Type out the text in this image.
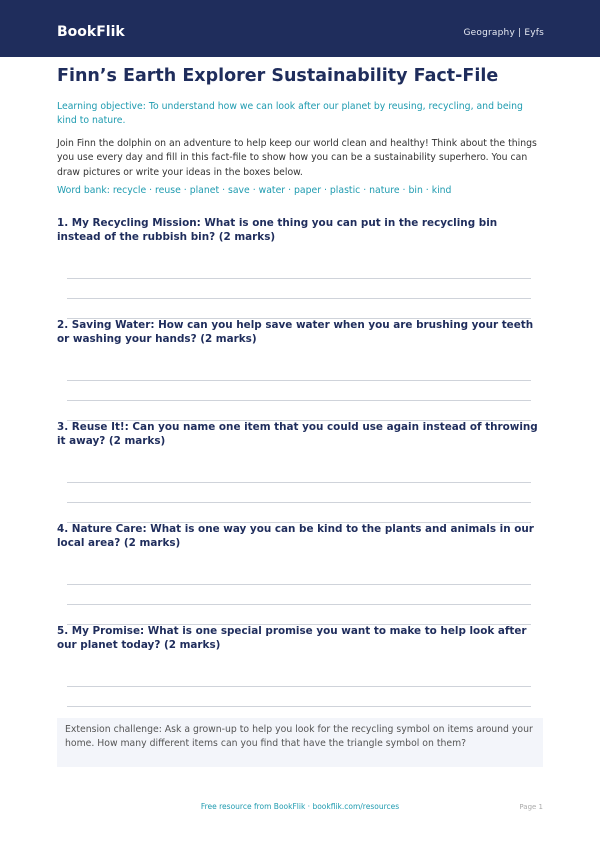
BookFlik	Geography | Eyfs
Finn’s Earth Explorer Sustainability Fact-File

Learning objective: To understand how we can look after our planet by reusing, recycling, and being kind to nature.

Join Finn the dolphin on an adventure to help keep our world clean and healthy! Think about the things you use every day and fill in this fact-file to show how you can be a sustainability superhero. You can draw pictures or write your ideas in the boxes below.

Word bank: recycle · reuse · planet · save · water · paper · plastic · nature · bin · kind

1. My Recycling Mission: What is one thing you can put in the recycling bin instead of the rubbish bin? (2 marks)

2. Saving Water: How can you help save water when you are brushing your teeth or washing your hands? (2 marks)

3. Reuse It!: Can you name one item that you could use again instead of throwing it away? (2 marks)

4. Nature Care: What is one way you can be kind to the plants and animals in our local area? (2 marks)

5. My Promise: What is one special promise you want to make to help look after our planet today? (2 marks)

Extension challenge: Ask a grown-up to help you look for the recycling symbol on items around your home. How many different items can you find that have the triangle symbol on them?

Free resource from BookFlik · bookflik.com/resources	Page 1
